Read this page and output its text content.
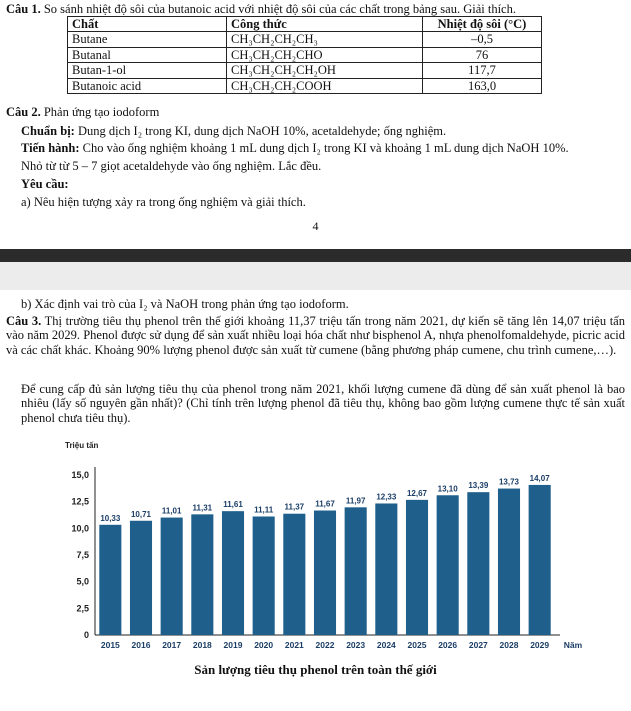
Câu 1. So sánh nhiệt độ sôi của butanoic acid với nhiệt độ sôi của các chất trong bảng sau. Giải thích.
Chất	Công thức	Nhiệt độ sôi (°C)
Butane	CH₃CH₂CH₂CH₃	–0,5
Butanal	CH₃CH₂CH₂CHO	76
Butan-1-ol	CH₃CH₂CH₂CH₂OH	117,7
Butanoic acid	CH₃CH₂CH₂COOH	163,0
Câu 2. Phản ứng tạo iodoform
Chuẩn bị: Dung dịch I₂ trong KI, dung dịch NaOH 10%, acetaldehyde; ống nghiệm.
Tiến hành: Cho vào ống nghiệm khoảng 1 mL dung dịch I₂ trong KI và khoảng 1 mL dung dịch NaOH 10%.
Nhỏ từ từ 5 – 7 giọt acetaldehyde vào ống nghiệm. Lắc đều.
Yêu cầu:
a) Nêu hiện tượng xảy ra trong ống nghiệm và giải thích.
4
b) Xác định vai trò của I₂ và NaOH trong phản ứng tạo iodoform.
Câu 3. Thị trường tiêu thụ phenol trên thế giới khoảng 11,37 triệu tấn trong năm 2021, dự kiến sẽ tăng lên 14,07 triệu tấn vào năm 2029. Phenol được sử dụng để sản xuất nhiều loại hóa chất như bisphenol A, nhựa phenolfomaldehyde, picric acid và các chất khác. Khoảng 90% lượng phenol được sản xuất từ cumene (bằng phương pháp cumene, chu trình cumene,…).
Để cung cấp đủ sản lượng tiêu thụ của phenol trong năm 2021, khối lượng cumene đã dùng để sản xuất phenol là bao nhiêu (lấy số nguyên gần nhất)? (Chỉ tính trên lượng phenol đã tiêu thụ, không bao gồm lượng cumene thực tế sản xuất phenol chưa tiêu thụ).
Triệu tấn
0
2,5
5,0
7,5
10,0
12,5
15,0
10,33
2015
10,71
2016
11,01
2017
11,31
2018
11,61
2019
11,11
2020
11,37
2021
11,67
2022
11,97
2023
12,33
2024
12,67
2025
13,10
2026
13,39
2027
13,73
2028
14,07
2029 Năm
Sản lượng tiêu thụ phenol trên toàn thế giới
